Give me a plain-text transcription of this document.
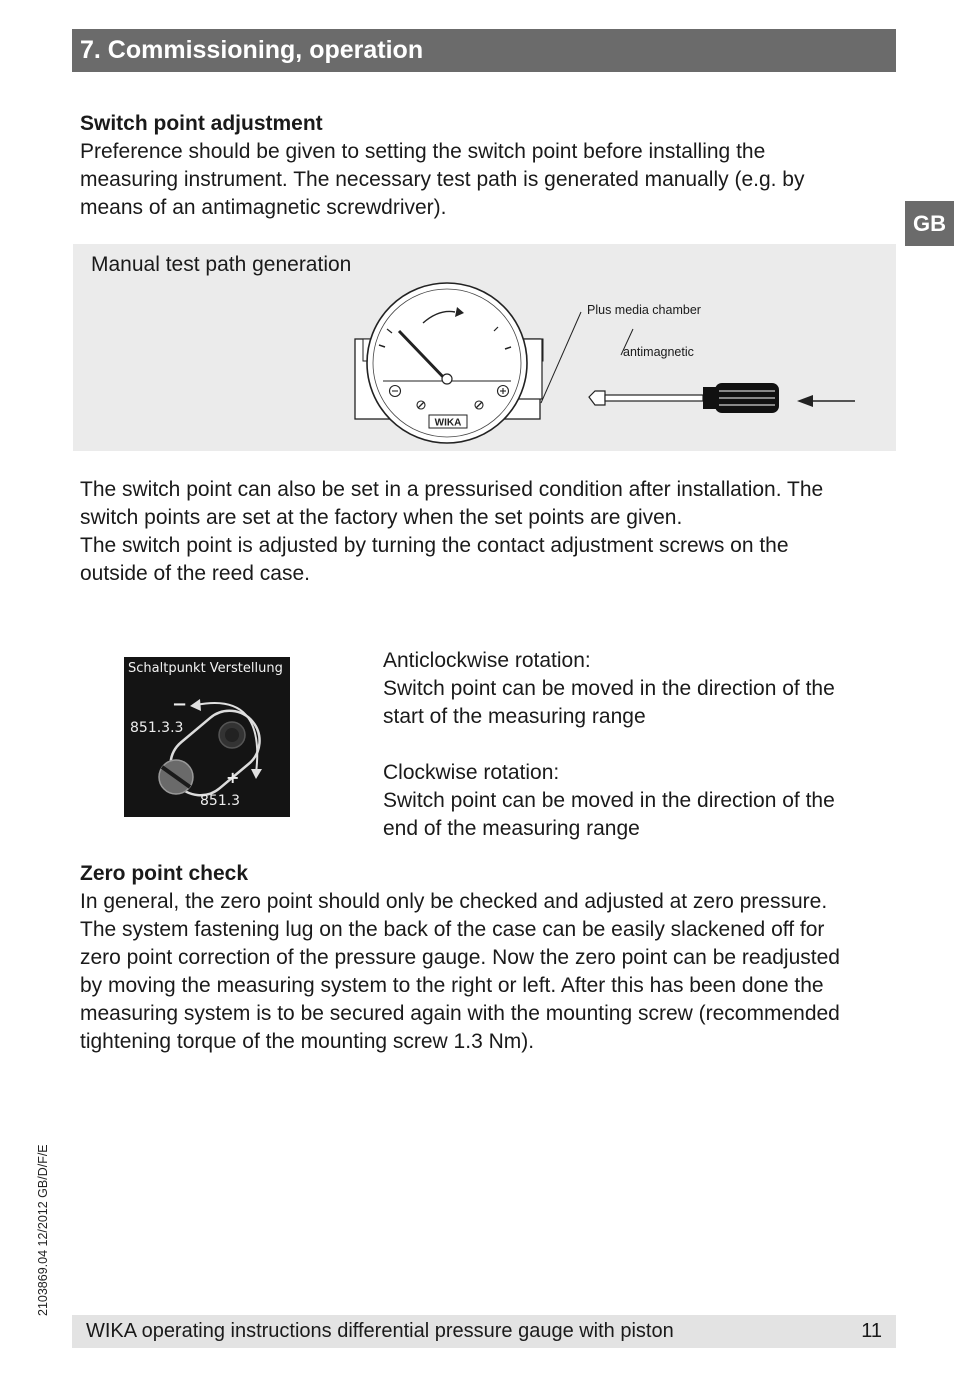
7. Commissioning, operation
GB
Switch point adjustment

Preference should be given to setting the switch point before installing the

measuring instrument. The necessary test path is generated manually (e.g. by

means of an antimagnetic screwdriver).

Manual test path generation
WIKA
Plus media chamber
antimagnetic

The switch point can also be set in a pressurised condition after installation. The

switch points are set at the factory when the set points are given.

The switch point is adjusted by turning the contact adjustment screws on the

outside of the reed case.

Schaltpunkt Verstellung
851.3.3
851.3
−
+

Anticlockwise rotation:

Switch point can be moved in the direction of the

start of the measuring range

Clockwise rotation:

Switch point can be moved in the direction of the

end of the measuring range

Zero point check

In general, the zero point should only be checked and adjusted at zero pressure.

The system fastening lug on the back of the case can be easily slackened off for

zero point correction of the pressure gauge. Now the zero point can be readjusted

by moving the measuring system to the right or left. After this has been done the

measuring system is to be secured again with the mounting screw (recommended

tightening torque of the mounting screw 1.3 Nm).

2103869.04 12/2012 GB/D/F/E
WIKA operating instructions differential pressure gauge with piston	11
